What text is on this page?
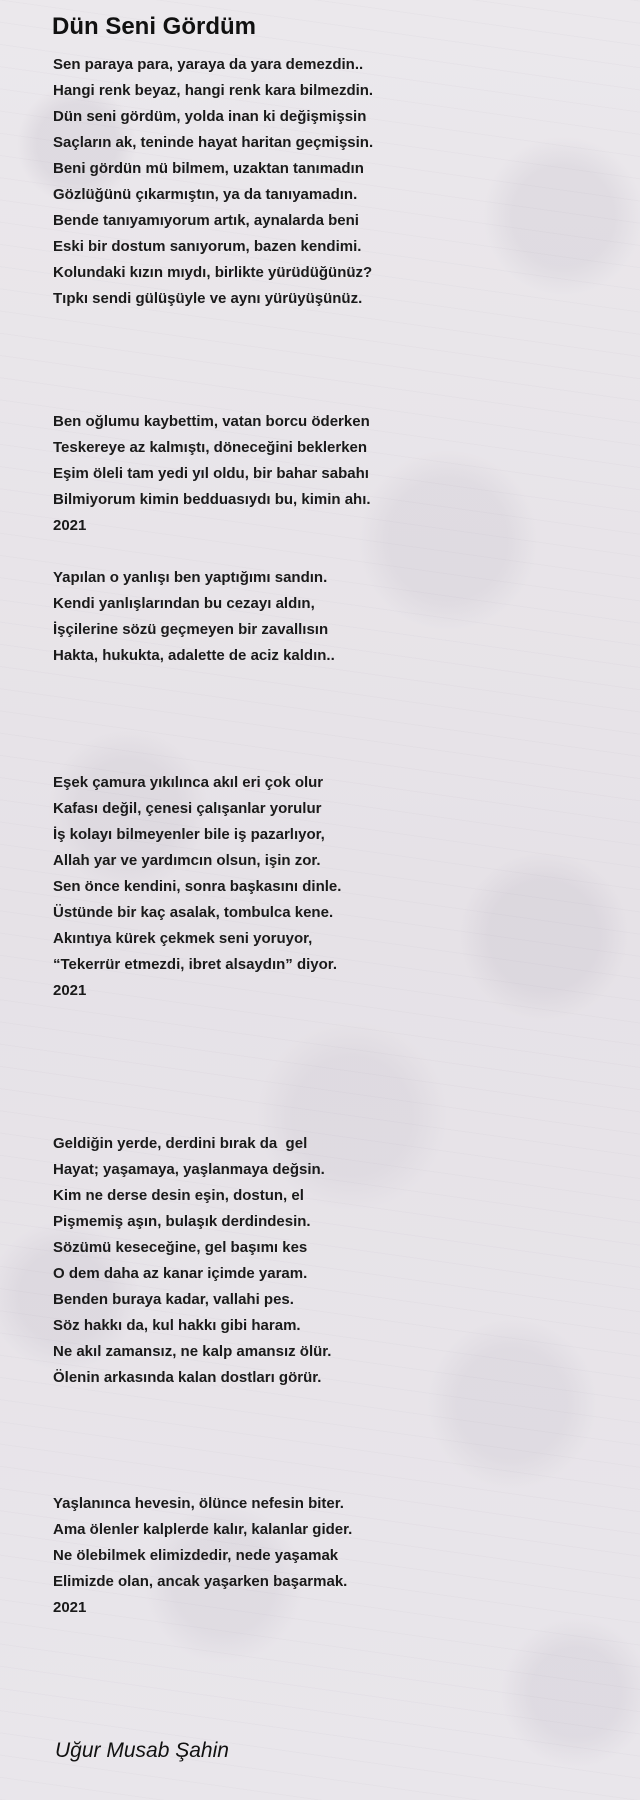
Dün Seni Gördüm
Sen paraya para, yaraya da yara demezdin..
Hangi renk beyaz, hangi renk kara bilmezdin.
Dün seni gördüm, yolda inan ki değişmişsin
Saçların ak, teninde hayat haritan geçmişsin.
Beni gördün mü bilmem, uzaktan tanımadın
Gözlüğünü çıkarmıştın, ya da tanıyamadın.
Bende tanıyamıyorum artık, aynalarda beni
Eski bir dostum sanıyorum, bazen kendimi.
Kolundaki kızın mıydı, birlikte yürüdüğünüz?
Tıpkı sendi gülüşüyle ve aynı yürüyüşünüz.
Ben oğlumu kaybettim, vatan borcu öderken
Teskereye az kalmıştı, döneceğini beklerken
Eşim öleli tam yedi yıl oldu, bir bahar sabahı
Bilmiyorum kimin bedduasıydı bu, kimin ahı.
2021

Yapılan o yanlışı ben yaptığımı sandın.
Kendi yanlışlarından bu cezayı aldın,
İşçilerine sözü geçmeyen bir zavallısın
Hakta, hukukta, adalette de aciz kaldın..
Eşek çamura yıkılınca akıl eri çok olur
Kafası değil, çenesi çalışanlar yorulur
İş kolayı bilmeyenler bile iş pazarlıyor,
Allah yar ve yardımcın olsun, işin zor.
Sen önce kendini, sonra başkasını dinle.
Üstünde bir kaç asalak, tombulca kene.
Akıntıya kürek çekmek seni yoruyor,
“Tekerrür etmezdi, ibret alsaydın” diyor.
2021
Geldiğin yerde, derdini bırak da  gel
Hayat; yaşamaya, yaşlanmaya değsin.
Kim ne derse desin eşin, dostun, el
Pişmemiş aşın, bulaşık derdindesin.
Sözümü keseceğine, gel başımı kes
O dem daha az kanar içimde yaram.
Benden buraya kadar, vallahi pes.
Söz hakkı da, kul hakkı gibi haram.
Ne akıl zamansız, ne kalp amansız ölür.
Ölenin arkasında kalan dostları görür.
Yaşlanınca hevesin, ölünce nefesin biter.
Ama ölenler kalplerde kalır, kalanlar gider.
Ne ölebilmek elimizdedir, nede yaşamak
Elimizde olan, ancak yaşarken başarmak.
2021
Uğur Musab Şahin
